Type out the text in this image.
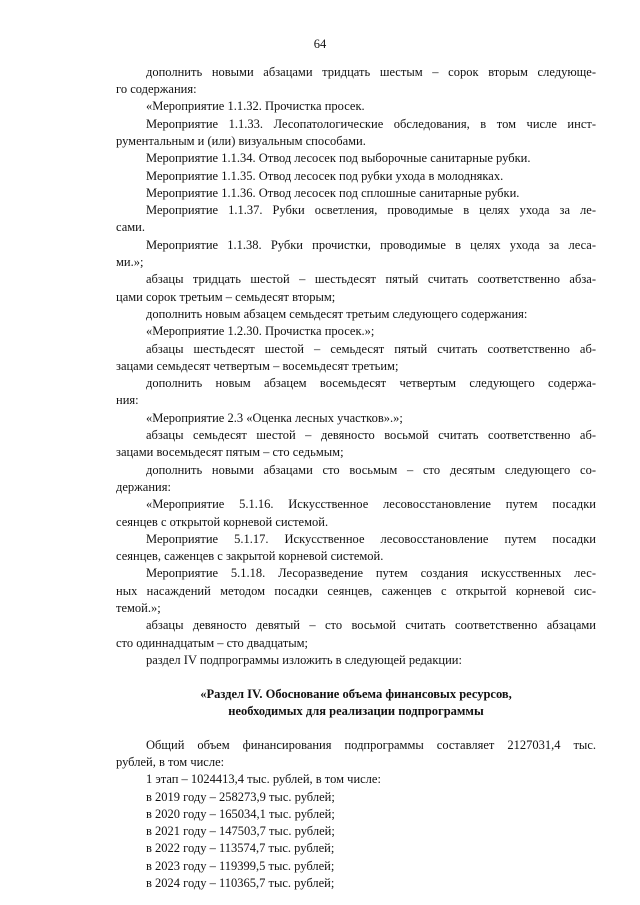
64
дополнить новыми абзацами тридцать шестым – сорок вторым следующе-
го содержания:
«Мероприятие 1.1.32. Прочистка просек.
Мероприятие 1.1.33. Лесопатологические обследования, в том числе инст-
рументальным и (или) визуальным способами.
Мероприятие 1.1.34. Отвод лесосек под выборочные санитарные рубки.
Мероприятие 1.1.35. Отвод лесосек под рубки ухода в молодняках.
Мероприятие 1.1.36. Отвод лесосек под сплошные санитарные рубки.
Мероприятие 1.1.37. Рубки осветления, проводимые в целях ухода за ле-
сами.
Мероприятие 1.1.38. Рубки прочистки, проводимые в целях ухода за леса-
ми.»;
абзацы тридцать шестой – шестьдесят пятый считать соответственно абза-
цами сорок третьим – семьдесят вторым;
дополнить новым абзацем семьдесят третьим следующего содержания:
«Мероприятие 1.2.30. Прочистка просек.»;
абзацы шестьдесят шестой – семьдесят пятый считать соответственно аб-
зацами семьдесят четвертым – восемьдесят третьим;
дополнить новым абзацем восемьдесят четвертым следующего содержа-
ния:
«Мероприятие 2.3 «Оценка лесных участков».»;
абзацы семьдесят шестой – девяносто восьмой считать соответственно аб-
зацами восемьдесят пятым – сто седьмым;
дополнить новыми абзацами сто восьмым – сто десятым следующего со-
держания:
«Мероприятие 5.1.16. Искусственное лесовосстановление путем посадки
сеянцев с открытой корневой системой.
Мероприятие 5.1.17. Искусственное лесовосстановление путем посадки
сеянцев, саженцев с закрытой корневой системой.
Мероприятие 5.1.18. Лесоразведение путем создания искусственных лес-
ных насаждений методом посадки сеянцев, саженцев с открытой корневой сис-
темой.»;
абзацы девяносто девятый – сто восьмой считать соответственно абзацами
сто одиннадцатым – сто двадцатым;
раздел IV подпрограммы изложить в следующей редакции:
«Раздел IV. Обоснование объема финансовых ресурсов,
необходимых для реализации подпрограммы
Общий объем финансирования подпрограммы составляет 2127031,4 тыс.
рублей, в том числе:
1 этап – 1024413,4 тыс. рублей, в том числе:
в 2019 году – 258273,9 тыс. рублей;
в 2020 году – 165034,1 тыс. рублей;
в 2021 году – 147503,7 тыс. рублей;
в 2022 году – 113574,7 тыс. рублей;
в 2023 году – 119399,5 тыс. рублей;
в 2024 году – 110365,7 тыс. рублей;
